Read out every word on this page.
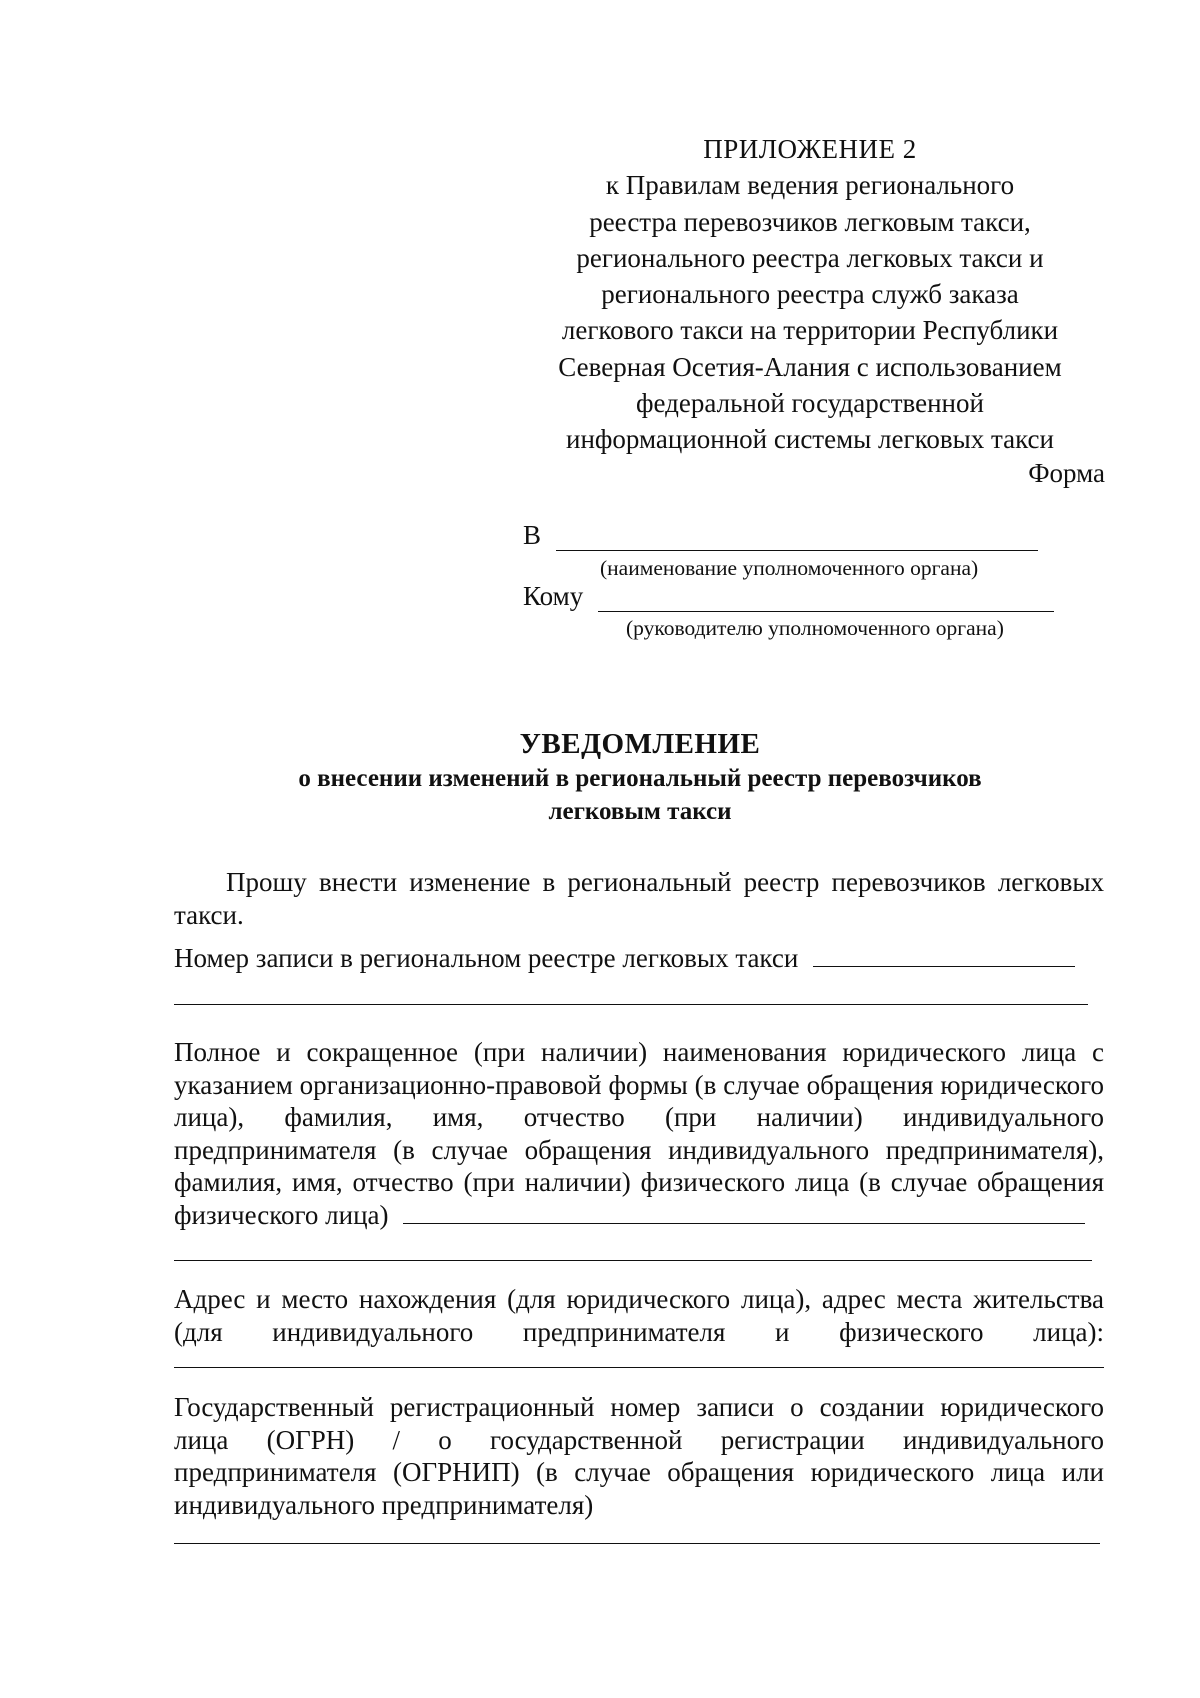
ПРИЛОЖЕНИЕ 2
к Правилам ведения регионального
реестра перевозчиков легковым такси,
регионального реестра легковых такси и
регионального реестра служб заказа
легкового такси на территории Республики
Северная Осетия-Алания с использованием
федеральной государственной
информационной системы легковых такси
Форма
В
(наименование уполномоченного органа)
Кому
(руководителю уполномоченного органа)
УВЕДОМЛЕНИЕ
о внесении изменений в региональный реестр перевозчиков
легковым такси
Прошу внести изменение в региональный реестр перевозчиков легковых такси.
Номер записи в региональном реестре легковых такси
Полное и сокращенное (при наличии) наименования юридического лица с указанием организационно-правовой формы (в случае обращения юридического лица), фамилия, имя, отчество (при наличии) индивидуального предпринимателя (в случае обращения индивидуального предпринимателя), фамилия, имя, отчество (при наличии) физического лица (в случае обращения физического лица)
Адрес и место нахождения (для юридического лица), адрес места жительства (для индивидуального предпринимателя и физического лица):
Государственный регистрационный номер записи о создании юридического лица (ОГРН) / о государственной регистрации индивидуального предпринимателя (ОГРНИП) (в случае обращения юридического лица или индивидуального предпринимателя)
